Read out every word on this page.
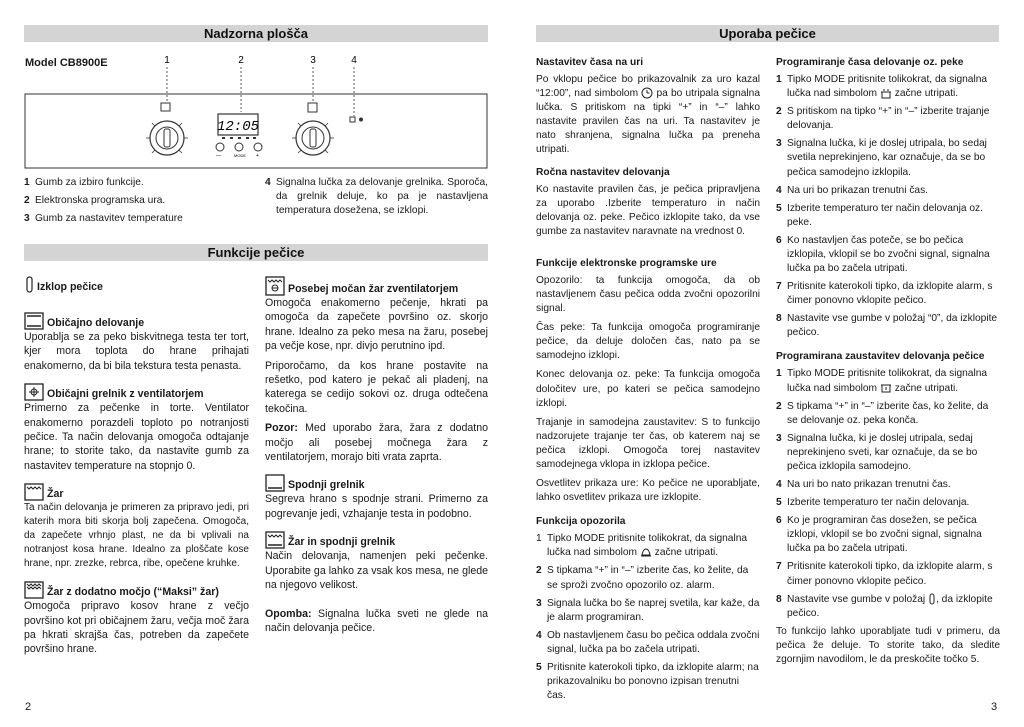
Nadzorna plošča
Model CB8900E	1	2	3	4
12:05
—	MODE +
1 Gumb za izbiro funkcije.
2 Elektronska programska ura.
3 Gumb za nastavitev temperature
4 Signalna lučka za delovanje grelnika. Sporoča, da grelnik deluje, ko pa je nastavljena temperatura dosežena, se izklopi.
Funkcije pečice
Izklop pečice
Običajno delovanje

Uporablja se za peko biskvitnega testa ter tort, kjer mora toplota do hrane prihajati enakomerno, da bi bila tekstura testa penasta.

Običajni grelnik z ventilatorjem

Primerno za pečenke in torte. Ventilator enakomerno porazdeli toploto po notranjosti pečice. Ta način delovanja omogoča odtajanje hrane; to storite tako, da nastavite gumb za nastavitev temperature na stopnjo 0.

Žar

Ta način delovanja je primeren za pripravo jedi, pri katerih mora biti skorja bolj zapečena. Omogoča, da zapečete vrhnjo plast, ne da bi vplivali na notranjost kosa hrane. Idealno za ploščate kose hrane, npr. zrezke, rebrca, ribe, opečene kruhke.

Žar z dodatno močjo (“Maksi” žar)

Omogoča pripravo kosov hrane z večjo površino kot pri običajnem žaru, večja moč žara pa hkrati skrajša čas, potreben da zapečete površino hrane.

Posebej močan žar zventilatorjem

Omogoča enakomerno pečenje, hkrati pa omogoča da zapečete površino oz. skorjo hrane. Idealno za peko mesa na žaru, posebej pa večje kose, npr. divjo perutnino ipd.

Priporočamo, da kos hrane postavite na rešetko, pod katero je pekač ali pladenj, na katerega se cedijo sokovi oz. druga odtečena tekočina.

Pozor: Med uporabo žara, žara z dodatno močjo ali posebej močnega žara z ventilatorjem, morajo biti vrata zaprta.

Spodnji grelnik

Segreva hrano s spodnje strani. Primerno za pogrevanje jedi, vzhajanje testa in podobno.

Žar in spodnji grelnik

Način delovanja, namenjen peki pečenke. Uporabite ga lahko za vsak kos mesa, ne glede na njegovo velikost.

Opomba: Signalna lučka sveti ne glede na način delovanja pečice.

2
Uporaba pečice
Nastavitev časa na uri

Po vklopu pečice bo prikazovalnik za uro kazal “12:00”, nad simbolom pa bo utripala signalna lučka. S pritiskom na tipki “+” in “–” lahko nastavite pravilen čas na uri. Ta nastavitev je nato shranjena, signalna lučka pa preneha utripati.

Ročna nastavitev delovanja

Ko nastavite pravilen čas, je pečica pripravljena za uporabo .Izberite temperaturo in način delovanja oz. peke. Pečico izklopite tako, da vse gumbe za nastavitev naravnate na vrednost 0.

Funkcije elektronske programske ure

Opozorilo: ta funkcija omogoča, da ob nastavljenem času pečica odda zvočni opozorilni signal.

Čas peke: Ta funkcija omogoča programiranje pečice, da deluje določen čas, nato pa se samodejno izklopi.

Konec delovanja oz. peke: Ta funkcija omogoča določitev ure, po kateri se pečica samodejno izklopi.

Trajanje in samodejna zaustavitev: S to funkcijo nadzorujete trajanje ter čas, ob katerem naj se pečica izklopi. Omogoča torej nastavitev samodejnega vklopa in izklopa pečice.

Osvetlitev prikaza ure: Ko pečice ne uporabljate, lahko osvetlitev prikaza ure izklopite.

Funkcija opozorila
1 Tipko MODE pritisnite tolikokrat, da signalna lučka nad simbolom začne utripati.
2 S tipkama “+” in “–” izberite čas, ko želite, da se sproži zvočno opozorilo oz. alarm.
3 Signala lučka bo še naprej svetila, kar kaže, da je alarm programiran.
4 Ob nastavljenem času bo pečica oddala zvočni signal, lučka pa bo začela utripati.
5 Pritisnite katerokoli tipko, da izklopite alarm; na prikazovalniku bo ponovno izpisan trenutni čas.
Programiranje časa delovanje oz. peke
1 Tipko MODE pritisnite tolikokrat, da signalna lučka nad simbolom začne utripati.
2 S pritiskom na tipko “+” in “–” izberite trajanje delovanja.
3 Signalna lučka, ki je doslej utripala, bo sedaj svetila neprekinjeno, kar označuje, da se bo pečica samodejno izklopila.
4 Na uri bo prikazan trenutni čas.
5 Izberite temperaturo ter način delovanja oz. peke.
6 Ko nastavljen čas poteče, se bo pečica izklopila, vklopil se bo zvočni signal, signalna lučka pa bo začela utripati.
7 Pritisnite katerokoli tipko, da izklopite alarm, s čimer ponovno vklopite pečico.
8 Nastavite vse gumbe v položaj “0”, da izklopite pečico.
Programirana zaustavitev delovanja pečice
1 Tipko MODE pritisnite tolikokrat, da signalna lučka nad simbolom začne utripati.
2 S tipkama “+” in “–” izberite čas, ko želite, da se delovanje oz. peka konča.
3 Signalna lučka, ki je doslej utripala, sedaj neprekinjeno sveti, kar označuje, da se bo pečica izklopila samodejno.
4 Na uri bo nato prikazan trenutni čas.
5 Izberite temperaturo ter način delovanja.
6 Ko je programiran čas dosežen, se pečica izklopi, vklopil se bo zvočni signal, signalna lučka pa bo začela utripati.
7 Pritisnite katerokoli tipko, da izklopite alarm, s čimer ponovno vklopite pečico.
8 Nastavite vse gumbe v položaj , da izklopite pečico.

To funkcijo lahko uporabljate tudi v primeru, da pečica že deluje. To storite tako, da sledite zgornjim navodilom, le da preskočite točko 5.

3
